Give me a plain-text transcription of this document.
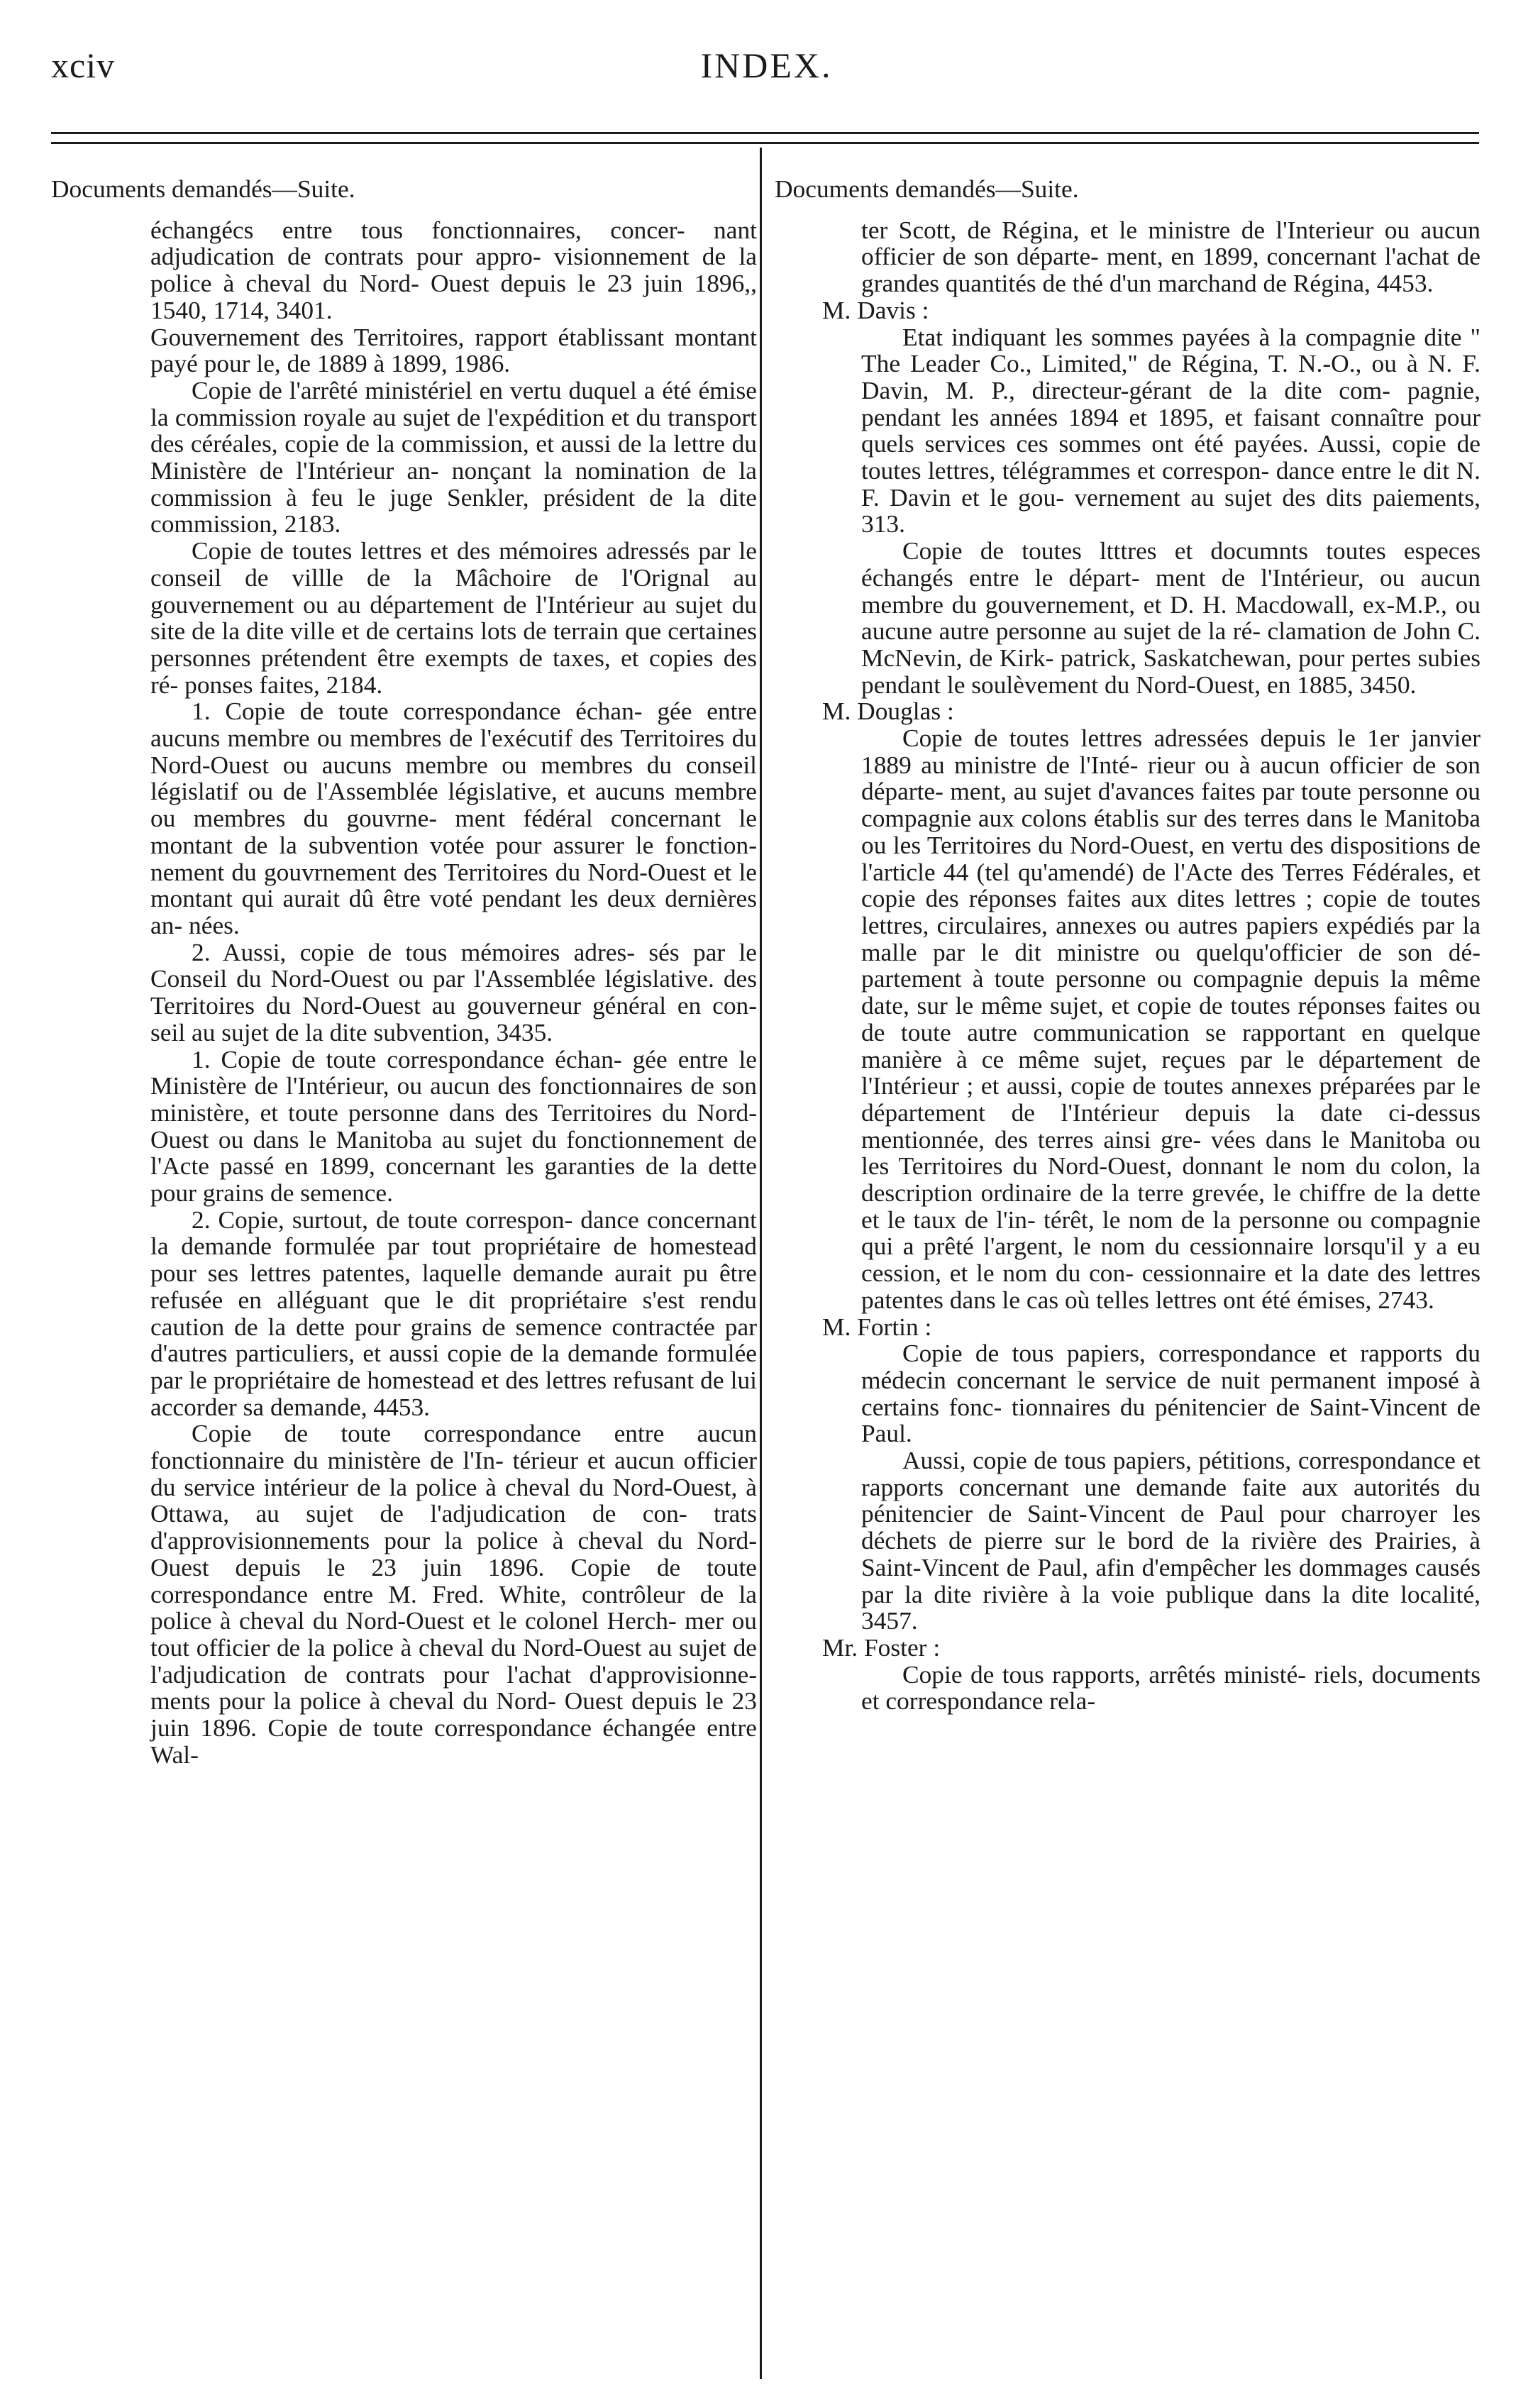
xciv	INDEX.
Documents demandés—Suite.
échangécs entre tous fonctionnaires, concer- nant adjudication de contrats pour appro- visionnement de la police à cheval du Nord- Ouest depuis le 23 juin 1896,, 1540, 1714, 3401.
Gouvernement des Territoires, rapport établissant montant payé pour le, de 1889 à 1899, 1986.
Copie de l'arrêté ministériel en vertu duquel a été émise la commission royale au sujet de l'expédition et du transport des céréales, copie de la commission, et aussi de la lettre du Ministère de l'Intérieur an- nonçant la nomination de la commission à feu le juge Senkler, président de la dite commission, 2183.
Copie de toutes lettres et des mémoires adressés par le conseil de villle de la Mâchoire de l'Orignal au gouvernement ou au département de l'Intérieur au sujet du site de la dite ville et de certains lots de terrain que certaines personnes prétendent être exempts de taxes, et copies des ré- ponses faites, 2184.
1. Copie de toute correspondance échan- gée entre aucuns membre ou membres de l'exécutif des Territoires du Nord-Ouest ou aucuns membre ou membres du conseil législatif ou de l'Assemblée législative, et aucuns membre ou membres du gouvrne- ment fédéral concernant le montant de la subvention votée pour assurer le fonction- nement du gouvrnement des Territoires du Nord-Ouest et le montant qui aurait dû être voté pendant les deux dernières an- nées.
2. Aussi, copie de tous mémoires adres- sés par le Conseil du Nord-Ouest ou par l'Assemblée législative. des Territoires du Nord-Ouest au gouverneur général en con- seil au sujet de la dite subvention, 3435.
1. Copie de toute correspondance échan- gée entre le Ministère de l'Intérieur, ou aucun des fonctionnaires de son ministère, et toute personne dans des Territoires du Nord-Ouest ou dans le Manitoba au sujet du fonctionnement de l'Acte passé en 1899, concernant les garanties de la dette pour grains de semence.
2. Copie, surtout, de toute correspon- dance concernant la demande formulée par tout propriétaire de homestead pour ses lettres patentes, laquelle demande aurait pu être refusée en alléguant que le dit propriétaire s'est rendu caution de la dette pour grains de semence contractée par d'autres particuliers, et aussi copie de la demande formulée par le propriétaire de homestead et des lettres refusant de lui accorder sa demande, 4453.
Copie de toute correspondance entre aucun fonctionnaire du ministère de l'In- térieur et aucun officier du service intérieur de la police à cheval du Nord-Ouest, à Ottawa, au sujet de l'adjudication de con- trats d'approvisionnements pour la police à cheval du Nord-Ouest depuis le 23 juin 1896. Copie de toute correspondance entre M. Fred. White, contrôleur de la police à cheval du Nord-Ouest et le colonel Herch- mer ou tout officier de la police à cheval du Nord-Ouest au sujet de l'adjudication de contrats pour l'achat d'approvisionne- ments pour la police à cheval du Nord- Ouest depuis le 23 juin 1896. Copie de toute correspondance échangée entre Wal-
Documents demandés—Suite.
ter Scott, de Régina, et le ministre de l'Interieur ou aucun officier de son départe- ment, en 1899, concernant l'achat de grandes quantités de thé d'un marchand de Régina, 4453.
M. Davis :
Etat indiquant les sommes payées à la compagnie dite " The Leader Co., Limited," de Régina, T. N.-O., ou à N. F. Davin, M. P., directeur-gérant de la dite com- pagnie, pendant les années 1894 et 1895, et faisant connaître pour quels services ces sommes ont été payées. Aussi, copie de toutes lettres, télégrammes et correspon- dance entre le dit N. F. Davin et le gou- vernement au sujet des dits paiements, 313.
Copie de toutes ltttres et documnts toutes especes échangés entre le départ- ment de l'Intérieur, ou aucun membre du gouvernement, et D. H. Macdowall, ex-M.P., ou aucune autre personne au sujet de la ré- clamation de John C. McNevin, de Kirk- patrick, Saskatchewan, pour pertes subies pendant le soulèvement du Nord-Ouest, en 1885, 3450.
M. Douglas :
Copie de toutes lettres adressées depuis le 1er janvier 1889 au ministre de l'Inté- rieur ou à aucun officier de son départe- ment, au sujet d'avances faites par toute personne ou compagnie aux colons établis sur des terres dans le Manitoba ou les Territoires du Nord-Ouest, en vertu des dispositions de l'article 44 (tel qu'amendé) de l'Acte des Terres Fédérales, et copie des réponses faites aux dites lettres ; copie de toutes lettres, circulaires, annexes ou autres papiers expédiés par la malle par le dit ministre ou quelqu'officier de son dé- partement à toute personne ou compagnie depuis la même date, sur le même sujet, et copie de toutes réponses faites ou de toute autre communication se rapportant en quelque manière à ce même sujet, reçues par le département de l'Intérieur ; et aussi, copie de toutes annexes préparées par le département de l'Intérieur depuis la date ci-dessus mentionnée, des terres ainsi gre- vées dans le Manitoba ou les Territoires du Nord-Ouest, donnant le nom du colon, la description ordinaire de la terre grevée, le chiffre de la dette et le taux de l'in- térêt, le nom de la personne ou compagnie qui a prêté l'argent, le nom du cessionnaire lorsqu'il y a eu cession, et le nom du con- cessionnaire et la date des lettres patentes dans le cas où telles lettres ont été émises, 2743.
M. Fortin :
Copie de tous papiers, correspondance et rapports du médecin concernant le service de nuit permanent imposé à certains fonc- tionnaires du pénitencier de Saint-Vincent de Paul.
Aussi, copie de tous papiers, pétitions, correspondance et rapports concernant une demande faite aux autorités du pénitencier de Saint-Vincent de Paul pour charroyer les déchets de pierre sur le bord de la rivière des Prairies, à Saint-Vincent de Paul, afin d'empêcher les dommages causés par la dite rivière à la voie publique dans la dite localité, 3457.
Mr. Foster :
Copie de tous rapports, arrêtés ministé- riels, documents et correspondance rela-
